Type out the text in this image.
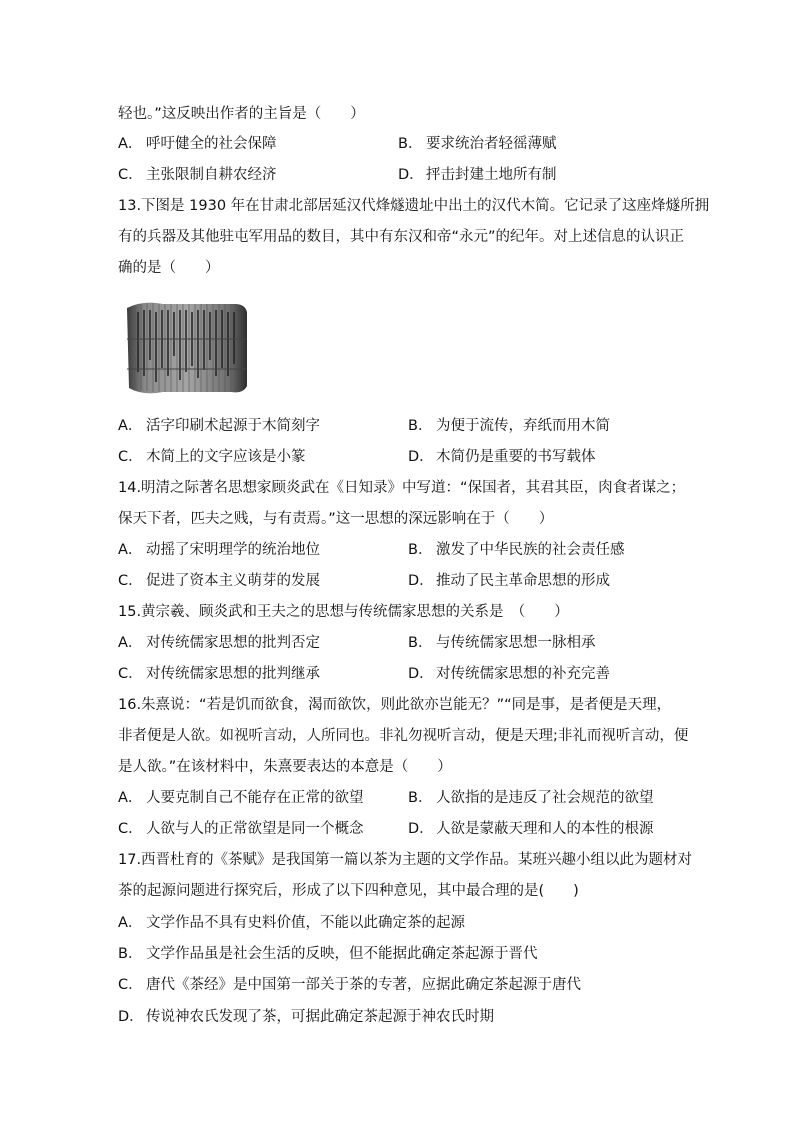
轻也。”这反映出作者的主旨是（　　）
A． 呼吁健全的社会保障	B． 要求统治者轻徭薄赋
C． 主张限制自耕农经济	D． 抨击封建土地所有制
13.下图是 1930 年在甘肃北部居延汉代烽燧遗址中出土的汉代木简。它记录了这座烽燧所拥
有的兵器及其他驻屯军用品的数目，其中有东汉和帝“永元”的纪年。对上述信息的认识正
确的是（　　）
A． 活字印刷术起源于木简刻字	B． 为便于流传，弃纸而用木简
C． 木简上的文字应该是小篆	D． 木简仍是重要的书写载体
14.明清之际著名思想家顾炎武在《日知录》中写道：“保国者，其君其臣，肉食者谋之；
保天下者，匹夫之贱，与有责焉。”这一思想的深远影响在于（　　）
A． 动摇了宋明理学的统治地位	B． 激发了中华民族的社会责任感
C． 促进了资本主义萌芽的发展	D． 推动了民主革命思想的形成
15.黄宗羲、顾炎武和王夫之的思想与传统儒家思想的关系是　（　　）
A． 对传统儒家思想的批判否定	B． 与传统儒家思想一脉相承
C． 对传统儒家思想的批判继承	D． 对传统儒家思想的补充完善
16.朱熹说：“若是饥而欲食，渴而欲饮，则此欲亦岂能无？”“同是事，是者便是天理，
非者便是人欲。如视听言动，人所同也。非礼勿视听言动，便是天理;非礼而视听言动，便
是人欲。”在该材料中，朱熹要表达的本意是（　　）
A． 人要克制自己不能存在正常的欲望	B． 人欲指的是违反了社会规范的欲望
C． 人欲与人的正常欲望是同一个概念	D． 人欲是蒙蔽天理和人的本性的根源
17.西晋杜育的《茶赋》是我国第一篇以茶为主题的文学作品。某班兴趣小组以此为题材对
茶的起源问题进行探究后，形成了以下四种意见，其中最合理的是(　　)
A． 文学作品不具有史料价值，不能以此确定茶的起源
B． 文学作品虽是社会生活的反映，但不能据此确定茶起源于晋代
C． 唐代《茶经》是中国第一部关于茶的专著，应据此确定茶起源于唐代
D． 传说神农氏发现了茶，可据此确定茶起源于神农氏时期
